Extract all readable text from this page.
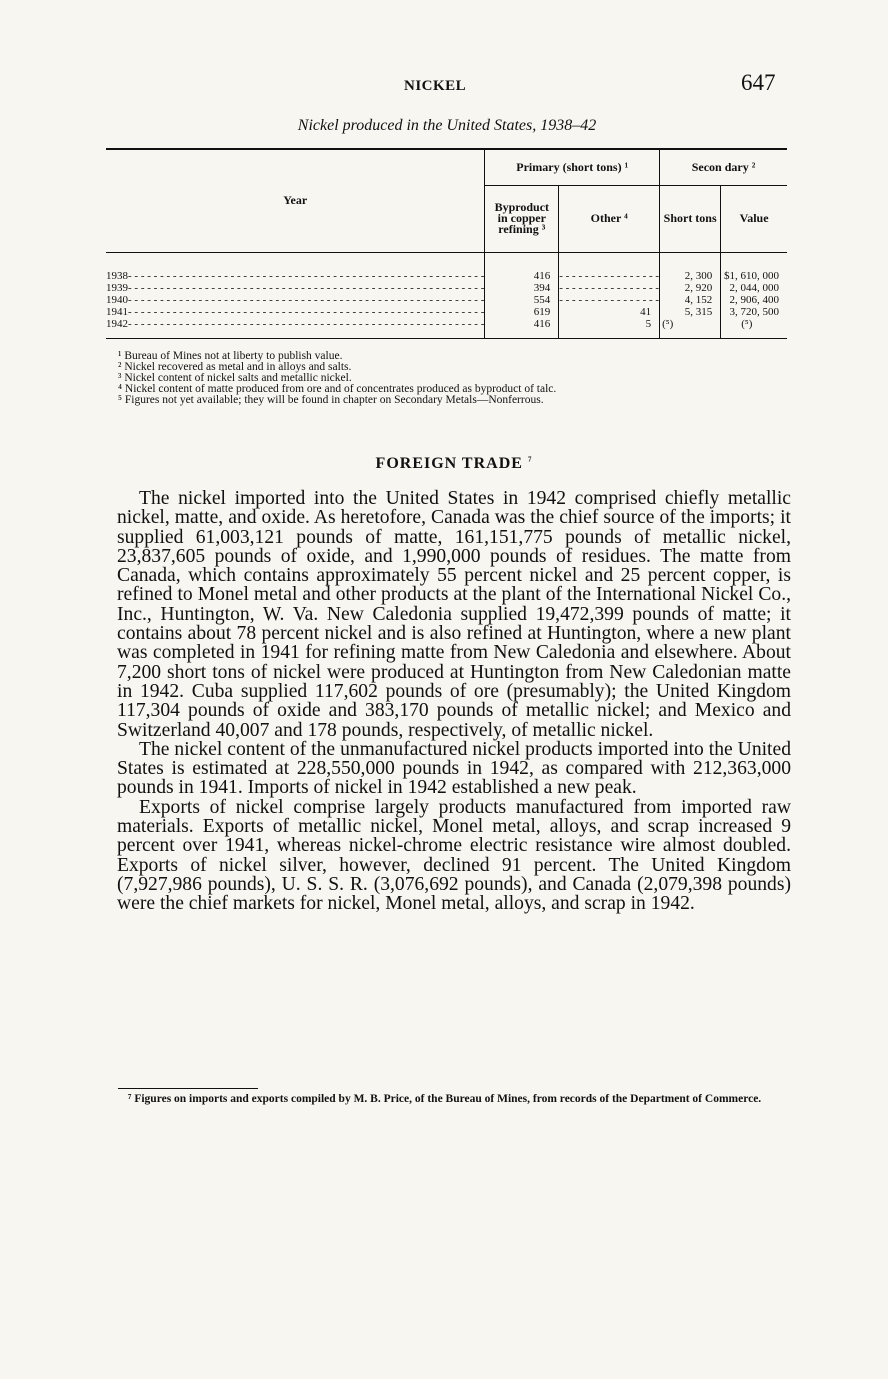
NICKEL	647
Nickel produced in the United States, 1938–42
Year	Primary (short tons) ¹		Secon dary ²	

	Byproduct
in copper
refining ³	Other ⁴	Short tons	Value

1938- - - - - - - - - - - - - - - - - - - - - - - - - - - - - - - - - - - - - - - - - - - - - - - - - - - - - - - -	416	- - - - - - - - - - - - - - - -	2, 300	$1, 610, 000
1939- - - - - - - - - - - - - - - - - - - - - - - - - - - - - - - - - - - - - - - - - - - - - - - - - - - - - - - -	394	- - - - - - - - - - - - - - - -	2, 920	2, 044, 000
1940- - - - - - - - - - - - - - - - - - - - - - - - - - - - - - - - - - - - - - - - - - - - - - - - - - - - - - - -	554	- - - - - - - - - - - - - - - -	4, 152	2, 906, 400
1941- - - - - - - - - - - - - - - - - - - - - - - - - - - - - - - - - - - - - - - - - - - - - - - - - - - - - - - -	619	41	5, 315	3, 720, 500
1942- - - - - - - - - - - - - - - - - - - - - - - - - - - - - - - - - - - - - - - - - - - - - - - - - - - - - - - -	416	5	(⁵)	(⁵)

¹ Bureau of Mines not at liberty to publish value.
² Nickel recovered as metal and in alloys and salts.
³ Nickel content of nickel salts and metallic nickel.
⁴ Nickel content of matte produced from ore and of concentrates produced as byproduct of talc.
⁵ Figures not yet available; they will be found in chapter on Secondary Metals—Nonferrous.
FOREIGN TRADE $^7$

The nickel imported into the United States in 1942 comprised chiefly metallic nickel, matte, and oxide. As heretofore, Canada was the chief source of the imports; it supplied 61,003,121 pounds of matte, 161,151,775 pounds of metallic nickel, 23,837,605 pounds of oxide, and 1,990,000 pounds of residues. The matte from Canada, which contains approximately 55 percent nickel and 25 percent copper, is refined to Monel metal and other products at the plant of the International Nickel Co., Inc., Huntington, W. Va. New Caledonia supplied 19,472,399 pounds of matte; it contains about 78 percent nickel and is also refined at Huntington, where a new plant was completed in 1941 for refining matte from New Caledonia and elsewhere. About 7,200 short tons of nickel were produced at Huntington from New Caledonian matte in 1942. Cuba supplied 117,602 pounds of ore (presumably); the United Kingdom 117,304 pounds of oxide and 383,170 pounds of metallic nickel; and Mexico and Switzerland 40,007 and 178 pounds, respectively, of metallic nickel.

The nickel content of the unmanufactured nickel products imported into the United States is estimated at 228,550,000 pounds in 1942, as compared with 212,363,000 pounds in 1941. Imports of nickel in 1942 established a new peak.

Exports of nickel comprise largely products manufactured from imported raw materials. Exports of metallic nickel, Monel metal, alloys, and scrap increased 9 percent over 1941, whereas nickel-chrome electric resistance wire almost doubled. Exports of nickel silver, however, declined 91 percent. The United Kingdom (7,927,986 pounds), U. S. S. R. (3,076,692 pounds), and Canada (2,079,398 pounds) were the chief markets for nickel, Monel metal, alloys, and scrap in 1942.

⁷ Figures on imports and exports compiled by M. B. Price, of the Bureau of Mines, from records of the Department of Commerce.
